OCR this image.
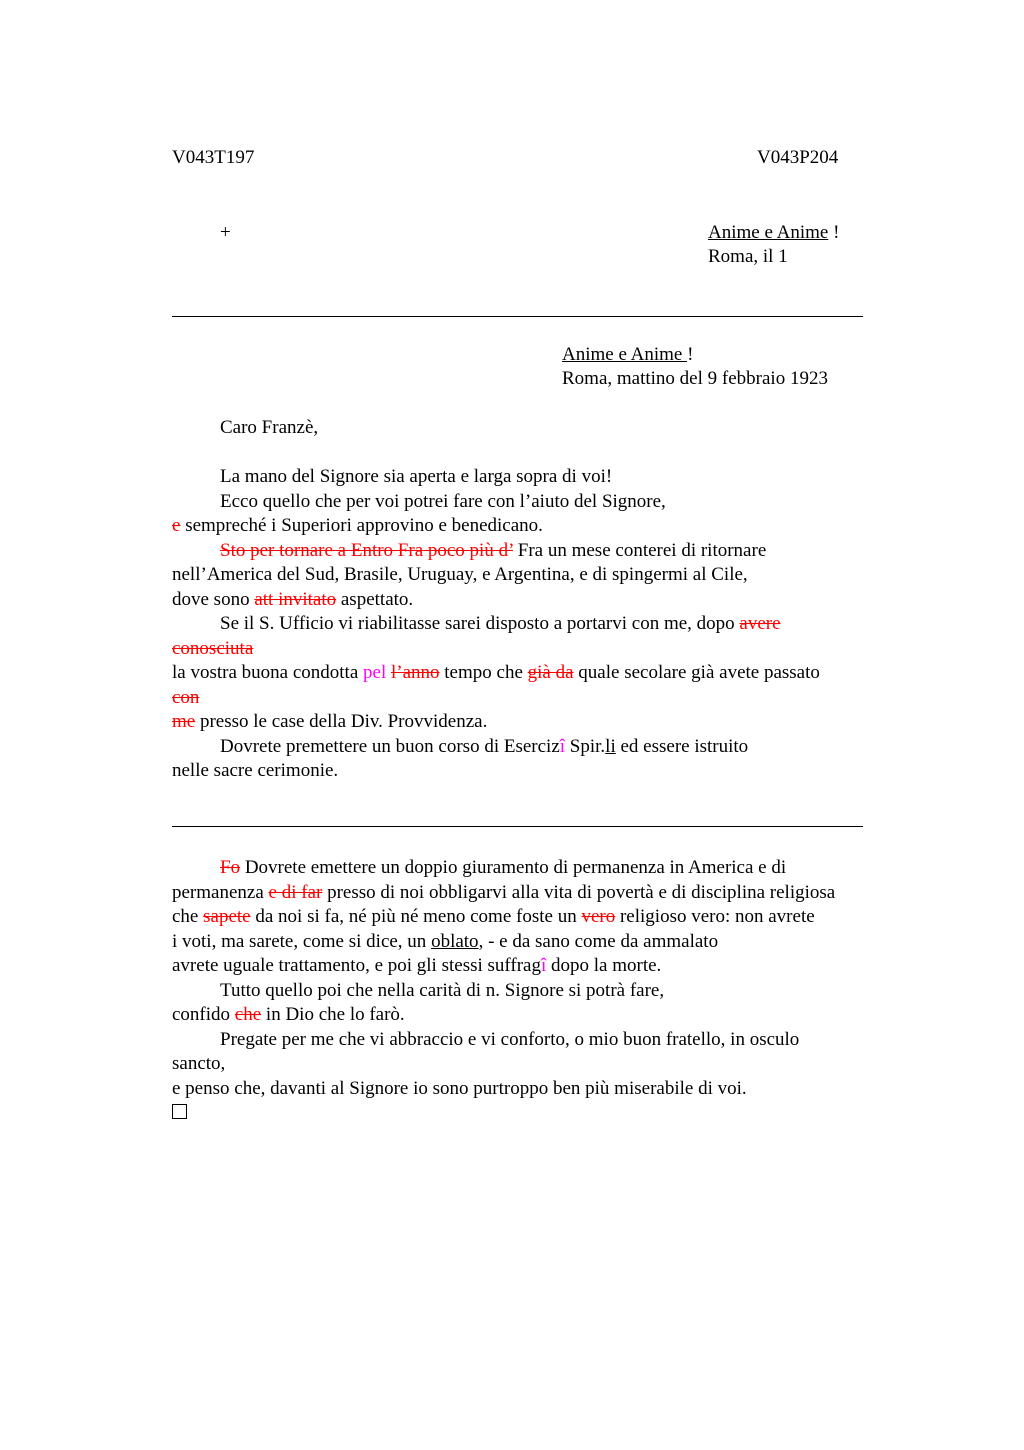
V043T197	V043P204
+	Anime e Anime !
Roma, il 1
Anime e Anime !
Roma, mattino del 9 febbraio 1923
Caro Franzè,
La mano del Signore sia aperta e larga sopra di voi!
Ecco quello che per voi potrei fare con l’aiuto del Signore,
e sempreché i Superiori approvino e benedicano.
Sto per tornare a Entro Fra poco più d’ Fra un mese conterei di ritornare
nell’America del Sud, Brasile, Uruguay, e Argentina, e di spingermi al Cile,
dove sono att invitato aspettato.
Se il S. Ufficio vi riabilitasse sarei disposto a portarvi con me, dopo avere
conosciuta
la vostra buona condotta pel l’anno tempo che già da quale secolare già avete passato
con
me presso le case della Div. Provvidenza.
Dovrete premettere un buon corso di Esercizî Spir.li ed essere istruito
nelle sacre cerimonie.
Fo Dovrete emettere un doppio giuramento di permanenza in America e di
permanenza e di far presso di noi obbligarvi alla vita di povertà e di disciplina religiosa
che sapete da noi si fa, né più né meno come foste un vero religioso vero: non avrete
i voti, ma sarete, come si dice, un oblato, - e da sano come da ammalato
avrete uguale trattamento, e poi gli stessi suffragî dopo la morte.
Tutto quello poi che nella carità di n. Signore si potrà fare,
confido che in Dio che lo farò.
Pregate per me che vi abbraccio e vi conforto, o mio buon fratello, in osculo
sancto,
e penso che, davanti al Signore io sono purtroppo ben più miserabile di voi.
